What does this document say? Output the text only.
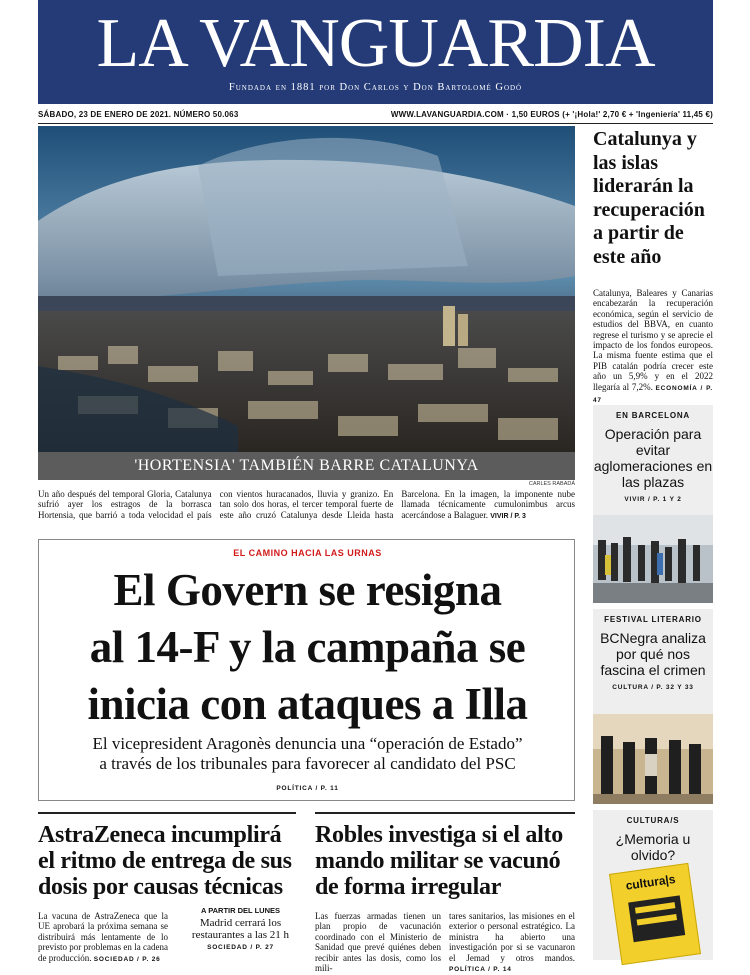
LA VANGUARDIA
Fundada en 1881 por Don Carlos y Don Bartolomé Godó
SÁBADO, 23 DE ENERO DE 2021. NÚMERO 50.063	WWW.LAVANGUARDIA.COM · 1,50 EUROS (+ '¡Hola!' 2,70 € + 'Ingeniería' 11,45 €)
'HORTENSIA' TAMBIÉN BARRE CATALUNYA
CARLES RABADÁ
Un año después del temporal Gloria, Catalunya sufrió ayer los estragos de la borrasca Hortensia, que barrió a toda velocidad el país con vientos huracanados, lluvia y granizo. En tan solo dos horas, el tercer temporal fuerte de este año cruzó Catalunya desde Lleida hasta Barcelona. En la imagen, la imponente nube llamada técnicamente cumulonimbus arcus acercándose a Balaguer. VIVIR / P. 3
EL CAMINO HACIA LAS URNAS
El Govern se resigna
al 14-F y la campaña se
inicia con ataques a Illa
El vicepresident Aragonès denuncia una “operación de Estado”
a través de los tribunales para favorecer al candidato del PSC
POLÍTICA / P. 11
AstraZeneca incumplirá el ritmo de entrega de sus dosis por causas técnicas
La vacuna de AstraZeneca que la UE aprobará la próxima semana se distribuirá más lentamente de lo previsto por problemas en la cadena de producción. SOCIEDAD / P. 26
A PARTIR DEL LUNES
Madrid cerrará los restaurantes a las 21 h
SOCIEDAD / P. 27
Robles investiga si el alto mando militar se vacunó de forma irregular
Las fuerzas armadas tienen un plan propio de vacunación coordinado con el Ministerio de Sanidad que prevé quiénes deben recibir antes las dosis, como los mili-
tares sanitarios, las misiones en el exterior o personal estratégico. La ministra ha abierto una investigación por si se vacunaron el Jemad y otros mandos. POLÍTICA / P. 14
Catalunya y las islas liderarán la recuperación a partir de este año
Catalunya, Baleares y Canarias encabezarán la recuperación económica, según el servicio de estudios del BBVA, en cuanto regrese el turismo y se aprecie el impacto de los fondos europeos. La misma fuente estima que el PIB catalán podría crecer este año un 5,9% y en el 2022 llegaría al 7,2%. ECONOMÍA / P. 47
EN BARCELONA
Operación para evitar aglomeraciones en las plazas
VIVIR / P. 1 Y 2
FESTIVAL LITERARIO
BCNegra analiza por qué nos fascina el crimen
CULTURA / P. 32 Y 33
CULTURA/S
¿Memoria u olvido?
cultura|s
